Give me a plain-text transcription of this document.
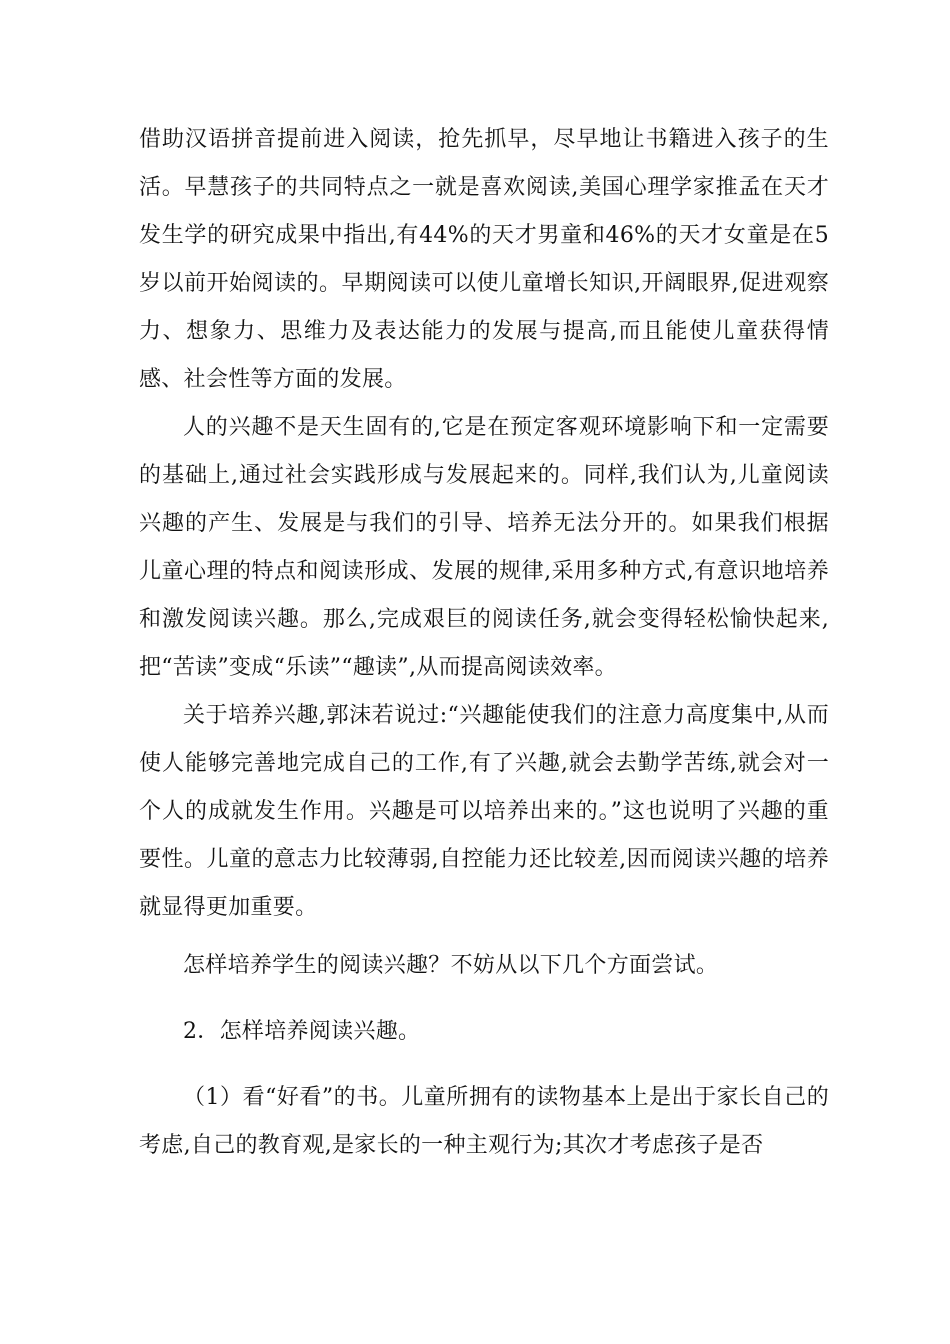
借助汉语拼音提前进入阅读，抢先抓早，尽早地让书籍进入孩子的生活。早慧孩子的共同特点之一就是喜欢阅读,美国心理学家推孟在天才发生学的研究成果中指出,有44%的天才男童和46%的天才女童是在5岁以前开始阅读的。早期阅读可以使儿童增长知识,开阔眼界,促进观察力、想象力、思维力及表达能力的发展与提高,而且能使儿童获得情感、社会性等方面的发展。

人的兴趣不是天生固有的,它是在预定客观环境影响下和一定需要的基础上,通过社会实践形成与发展起来的。同样,我们认为,儿童阅读兴趣的产生、发展是与我们的引导、培养无法分开的。如果我们根据儿童心理的特点和阅读形成、发展的规律,采用多种方式,有意识地培养和激发阅读兴趣。那么,完成艰巨的阅读任务,就会变得轻松愉快起来,把“苦读”变成“乐读”“趣读”,从而提高阅读效率。

关于培养兴趣,郭沫若说过:“兴趣能使我们的注意力高度集中,从而使人能够完善地完成自己的工作,有了兴趣,就会去勤学苦练,就会对一个人的成就发生作用。兴趣是可以培养出来的。”这也说明了兴趣的重要性。儿童的意志力比较薄弱,自控能力还比较差,因而阅读兴趣的培养就显得更加重要。

怎样培养学生的阅读兴趣？不妨从以下几个方面尝试。

2．怎样培养阅读兴趣。

（1）看“好看”的书。儿童所拥有的读物基本上是出于家长自己的考虑,自己的教育观,是家长的一种主观行为;其次才考虑孩子是否
